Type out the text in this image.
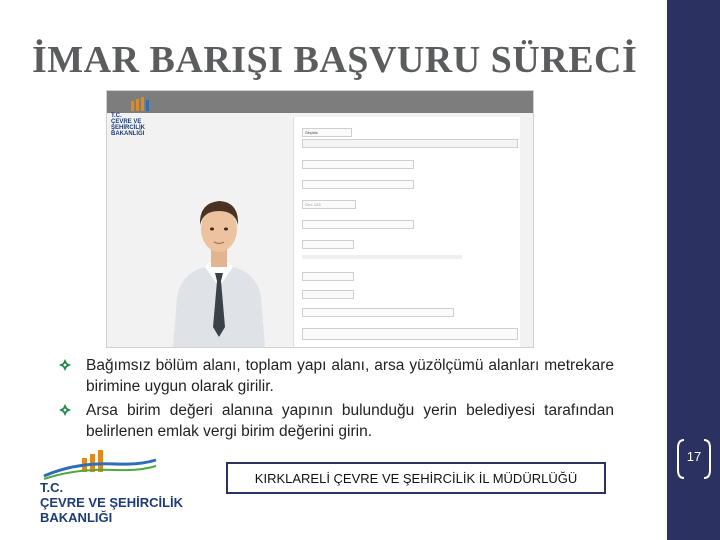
17
İMAR BARIŞI BAŞVURU SÜRECİ
T.C.
ÇEVRE VE ŞEHİRCİLİK
BAKANLIĞI	Seçiniz
Örn: 123
Bağımsız bölüm alanı, toplam yapı alanı, arsa yüzölçümü alanları metrekare birimine uygun olarak girilir.
Arsa birim değeri alanına yapının bulunduğu yerin belediyesi tarafından belirlenen emlak vergi birim değerini girin.
T.C.
ÇEVRE VE ŞEHİRCİLİK
BAKANLIĞI
KIRKLARELİ ÇEVRE VE ŞEHİRCİLİK İL MÜDÜRLÜĞÜ
